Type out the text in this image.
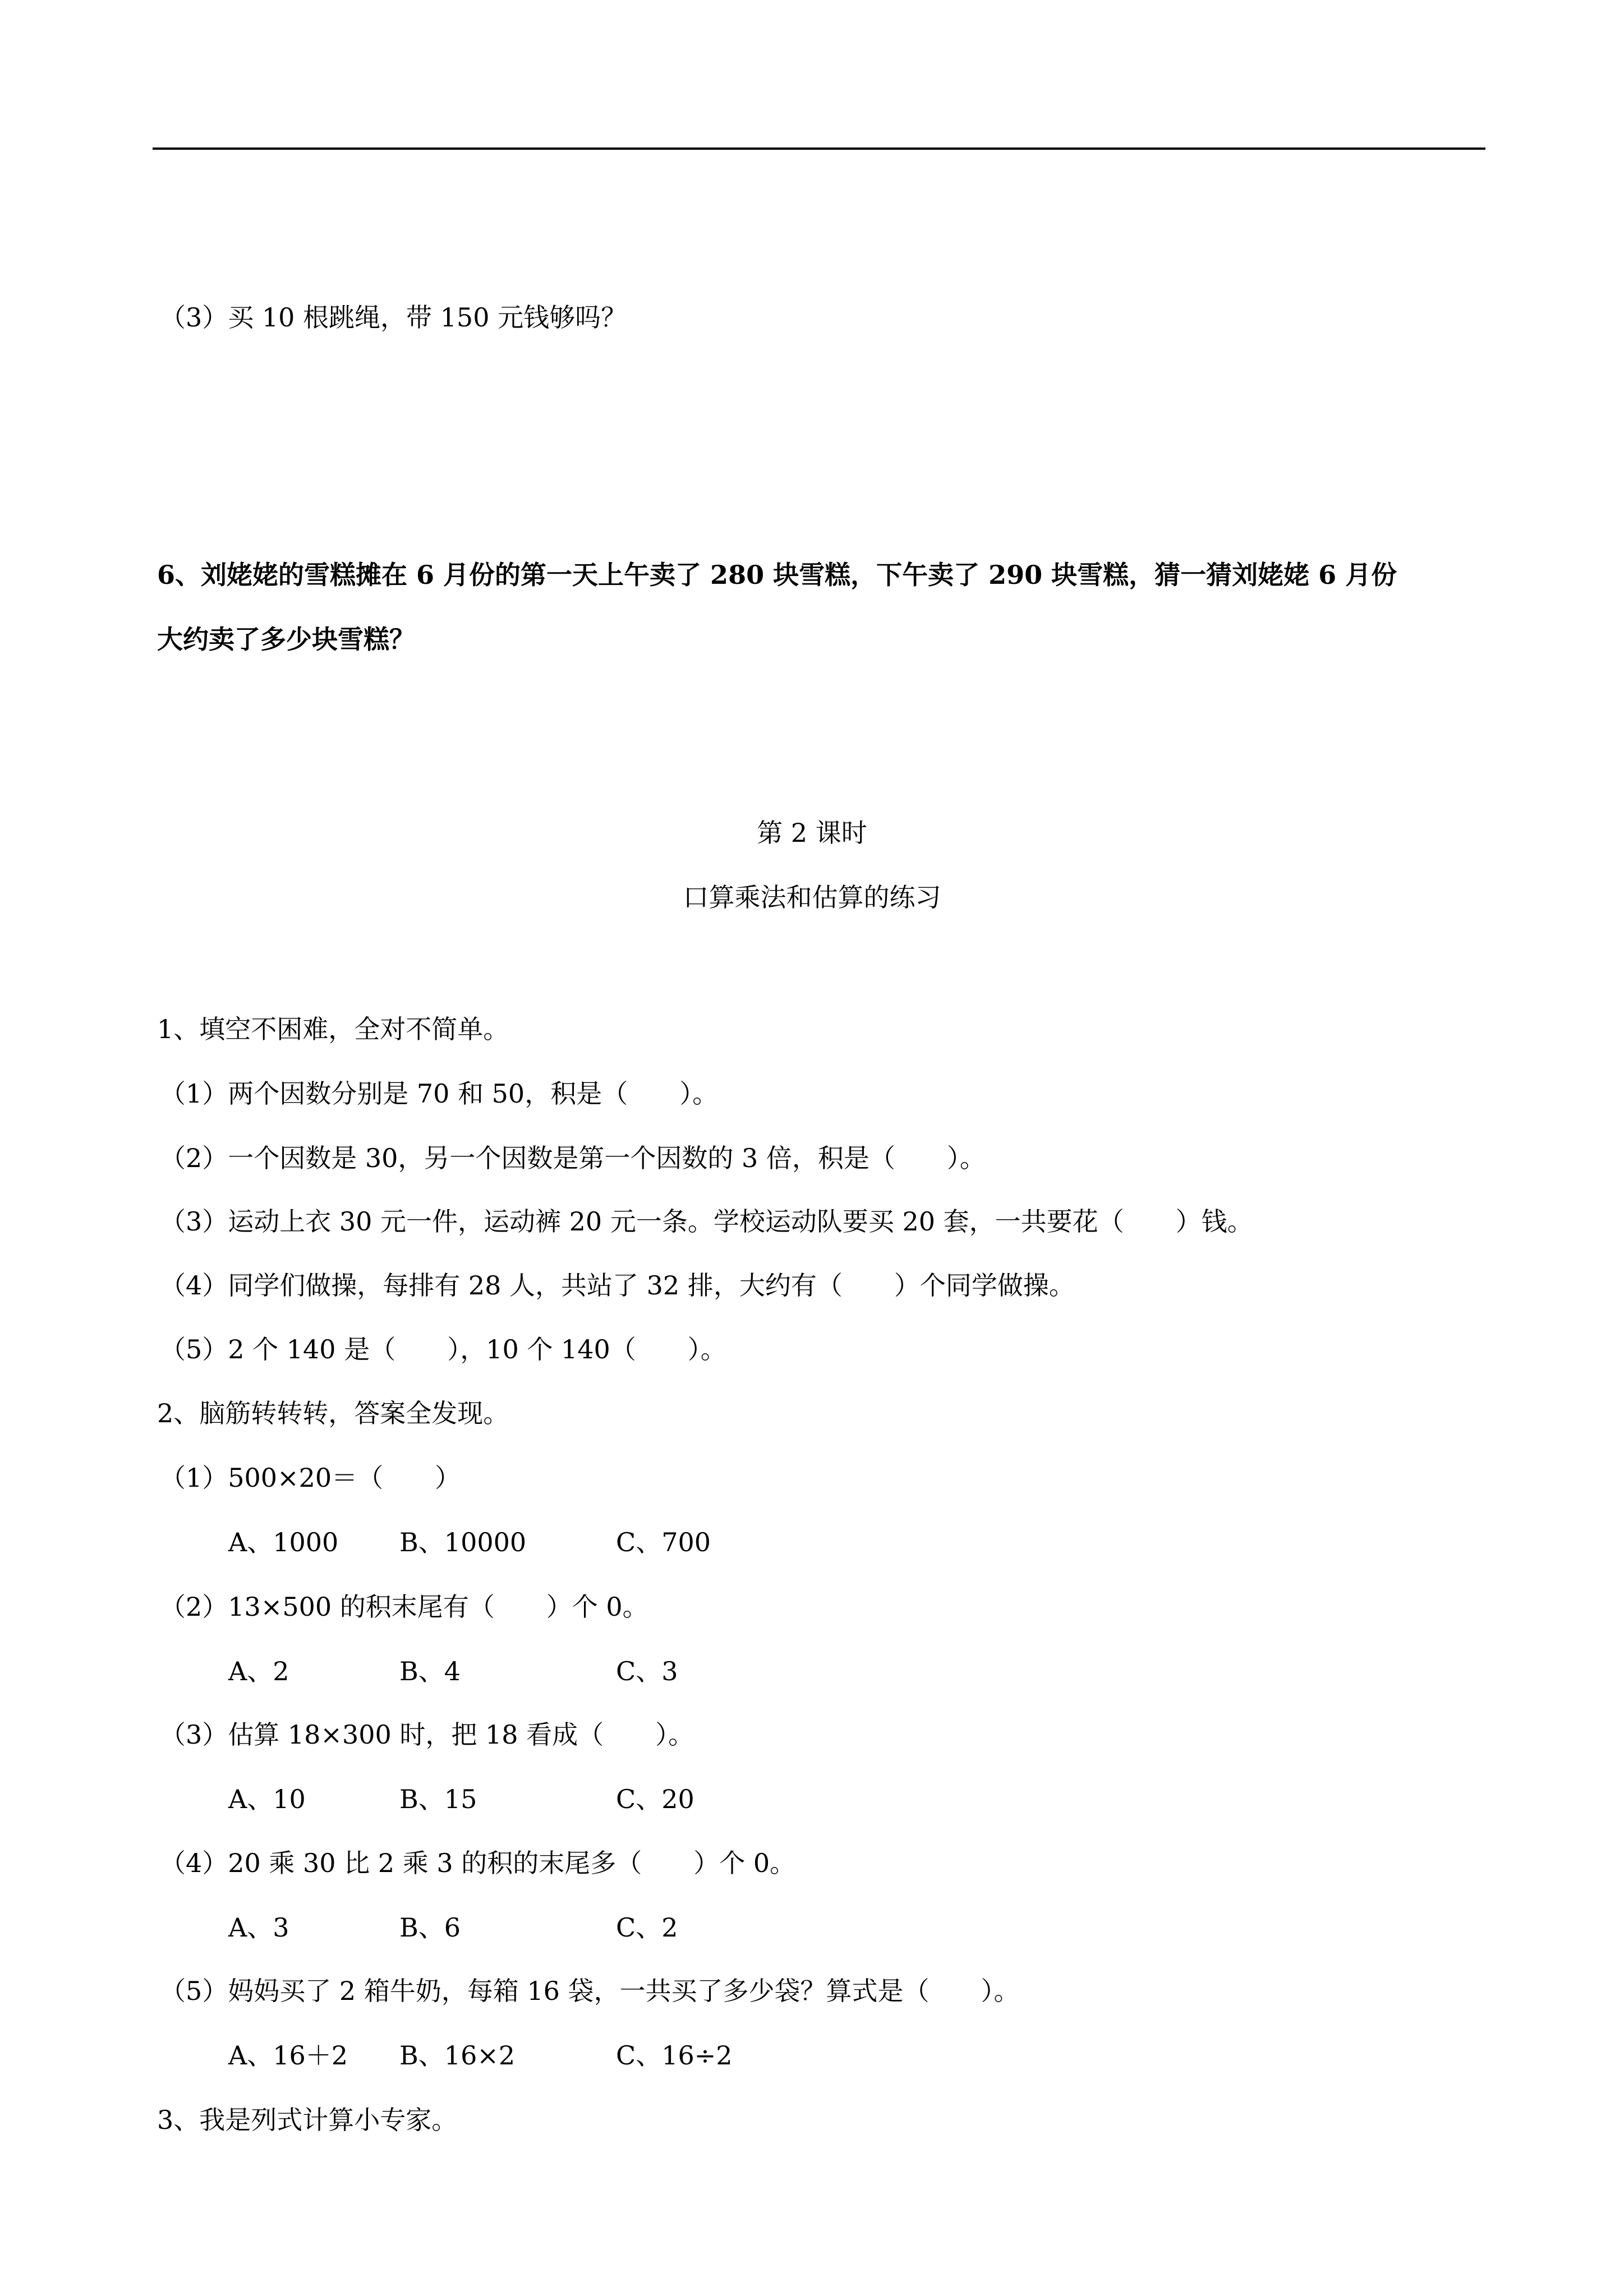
（3）买 10 根跳绳，带 150 元钱够吗？
6、刘姥姥的雪糕摊在 6 月份的第一天上午卖了 280 块雪糕，下午卖了 290 块雪糕，猜一猜刘姥姥 6 月份
大约卖了多少块雪糕？
第 2 课时
口算乘法和估算的练习
1、填空不困难，全对不简单。
（1）两个因数分别是 70 和 50，积是（　　）。
（2）一个因数是 30，另一个因数是第一个因数的 3 倍，积是（　　）。
（3）运动上衣 30 元一件，运动裤 20 元一条。学校运动队要买 20 套，一共要花（　　）钱。
（4）同学们做操，每排有 28 人，共站了 32 排，大约有（　　）个同学做操。
（5）2 个 140 是（　　），10 个 140（　　）。
2、脑筋转转转，答案全发现。
（1）500×20＝（　　）
A、1000 B、10000	C、700
（2）13×500 的积末尾有（　　）个 0。
A、2	B、4	C、3
（3）估算 18×300 时，把 18 看成（　　）。
A、10	B、15	C、20
（4）20 乘 30 比 2 乘 3 的积的末尾多（　　）个 0。
A、3	B、6	C、2
（5）妈妈买了 2 箱牛奶，每箱 16 袋，一共买了多少袋？算式是（　　）。
A、16＋2 B、16×2	C、16÷2
3、我是列式计算小专家。
